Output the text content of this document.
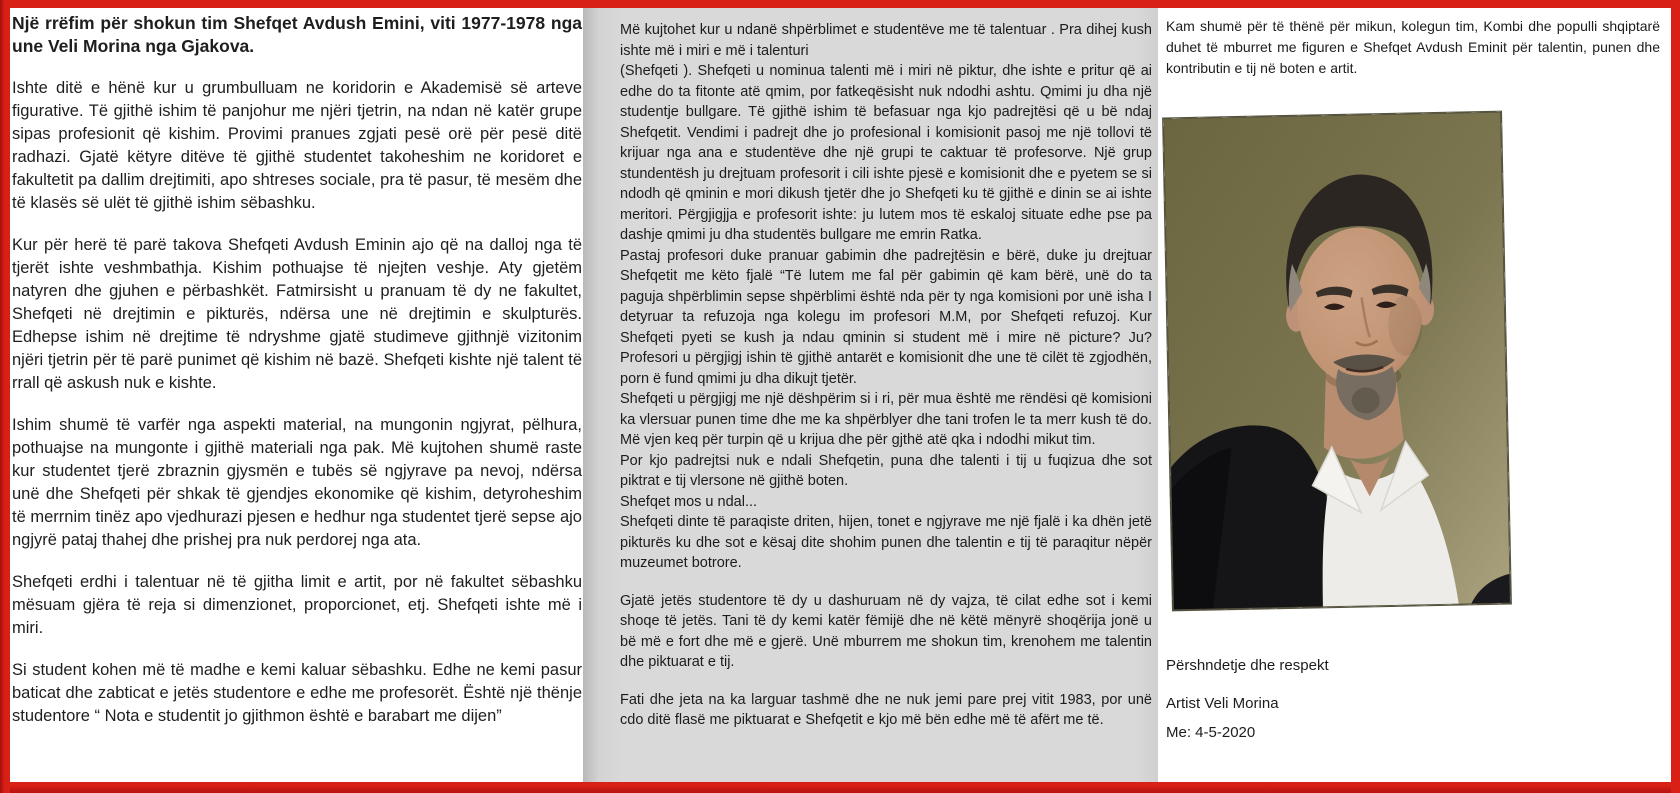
Një rrëfim për shokun tim Shefqet Avdush Emini, viti 1977-1978 nga une Veli Morina nga Gjakova.

Ishte ditë e hënë kur u grumbulluam ne koridorin e Akademisë së arteve figurative. Të gjithë ishim të panjohur me njëri tjetrin, na ndan në katër grupe sipas profesionit që kishim. Provimi pranues zgjati pesë orë për pesë ditë radhazi. Gjatë këtyre ditëve të gjithë studentet takoheshim ne koridoret e fakultetit pa dallim drejtimiti, apo shtreses sociale, pra të pasur, të mesëm dhe të klasës së ulët të gjithë ishim sëbashku.

Kur për herë të parë takova Shefqeti Avdush Eminin ajo që na dalloj nga të tjerët ishte veshmbathja. Kishim pothuajse të njejten veshje. Aty gjetëm natyren dhe gjuhen e përbashkët. Fatmirsisht u pranuam të dy ne fakultet, Shefqeti në drejtimin e pikturës, ndërsa une në drejtimin e skulpturës. Edhepse ishim në drejtime të ndryshme gjatë studimeve gjithnjë vizitonim njëri tjetrin për të parë punimet që kishim në bazë. Shefqeti kishte një talent të rrall që askush nuk e kishte.

Ishim shumë të varfër nga aspekti material, na mungonin ngjyrat, pëlhura, pothuajse na mungonte i gjithë materiali nga pak. Më kujtohen shumë raste kur studentet tjerë zbraznin gjysmën e tubës së ngjyrave pa nevoj, ndërsa unë dhe Shefqeti për shkak të gjendjes ekonomike që kishim, detyroheshim të merrnim tinëz apo vjedhurazi pjesen e hedhur nga studentet tjerë sepse ajo ngjyrë pataj thahej dhe prishej pra nuk perdorej nga ata.

Shefqeti erdhi i talentuar në të gjitha limit e artit, por në fakultet sëbashku mësuam gjëra të reja si dimenzionet, proporcionet, etj. Shefqeti ishte më i miri.

Si student kohen më të madhe e kemi kaluar sëbashku. Edhe ne kemi pasur baticat dhe zabticat e jetës studentore e edhe me profesorët. Është një thënje studentore “ Nota e studentit jo gjithmon është e barabart me dijen”

Më kujtohet kur u ndanë shpërblimet e studentëve me të talentuar . Pra dihej kush ishte më i miri e më i talenturi

(Shefqeti ). Shefqeti u nominua talenti më i miri në piktur, dhe ishte e pritur që ai edhe do ta fitonte atë qmim, por fatkeqësisht nuk ndodhi ashtu. Qmimi ju dha një studentje bullgare. Të gjithë ishim të befasuar nga kjo padrejtësi që u bë ndaj Shefqetit. Vendimi i padrejt dhe jo profesional i komisionit pasoj me një tollovi të krijuar nga ana e studentëve dhe një grupi te caktuar të profesorve. Një grup stundentësh ju drejtuam profesorit i cili ishte pjesë e komisionit dhe e pyetem se si ndodh që qminin e mori dikush tjetër dhe jo Shefqeti ku të gjithë e dinin se ai ishte meritori. Përgjigjja e profesorit ishte: ju lutem mos të eskaloj situate edhe pse pa dashje qmimi ju dha studentës bullgare me emrin Ratka.

Pastaj profesori duke pranuar gabimin dhe padrejtësin e bërë, duke ju drejtuar Shefqetit me këto fjalë “Të lutem me fal për gabimin që kam bërë, unë do ta paguja shpërblimin sepse shpërblimi është nda për ty nga komisioni por unë isha I detyruar ta refuzoja nga kolegu im profesori M.M, por Shefqeti refuzoj. Kur Shefqeti pyeti se kush ja ndau qminin si student më i mire në picture? Ju? Profesori u përgjigj ishin të gjithë antarët e komisionit dhe une të cilët të zgjodhën, porn ë fund qmimi ju dha dikujt tjetër.

Shefqeti u përgjigj me një dëshpërim si i ri, për mua është me rëndësi që komisioni ka vlersuar punen time dhe me ka shpërblyer dhe tani trofen le ta merr kush të do. Më vjen keq për turpin që u krijua dhe për gjthë atë qka i ndodhi mikut tim.

Por kjo padrejtsi nuk e ndali Shefqetin, puna dhe talenti i tij u fuqizua dhe sot piktrat e tij vlersone në gjithë boten.

Shefqet mos u ndal...

Shefqeti dinte të paraqiste driten, hijen, tonet e ngjyrave me një fjalë i ka dhën jetë pikturës ku dhe sot e kësaj dite shohim punen dhe talentin e tij të paraqitur nëpër muzeumet botrore.

Gjatë jetës studentore të dy u dashuruam në dy vajza, të cilat edhe sot i kemi shoqe të jetës. Tani të dy kemi katër fëmijë dhe në këtë mënyrë shoqërija jonë u bë më e fort dhe më e gjerë. Unë mburrem me shokun tim, krenohem me talentin dhe piktuarat e tij.

Fati dhe jeta na ka larguar tashmë dhe ne nuk jemi pare prej vitit 1983, por unë cdo ditë flasë me piktuarat e Shefqetit e kjo më bën edhe më të afërt me të.

Kam shumë për të thënë për mikun, kolegun tim, Kombi dhe populli shqiptarë duhet të mburret me figuren e Shefqet Avdush Eminit për talentin, punen dhe kontributin e tij në boten e artit.

Përshndetje dhe respekt

Artist Veli Morina

Me: 4-5-2020
